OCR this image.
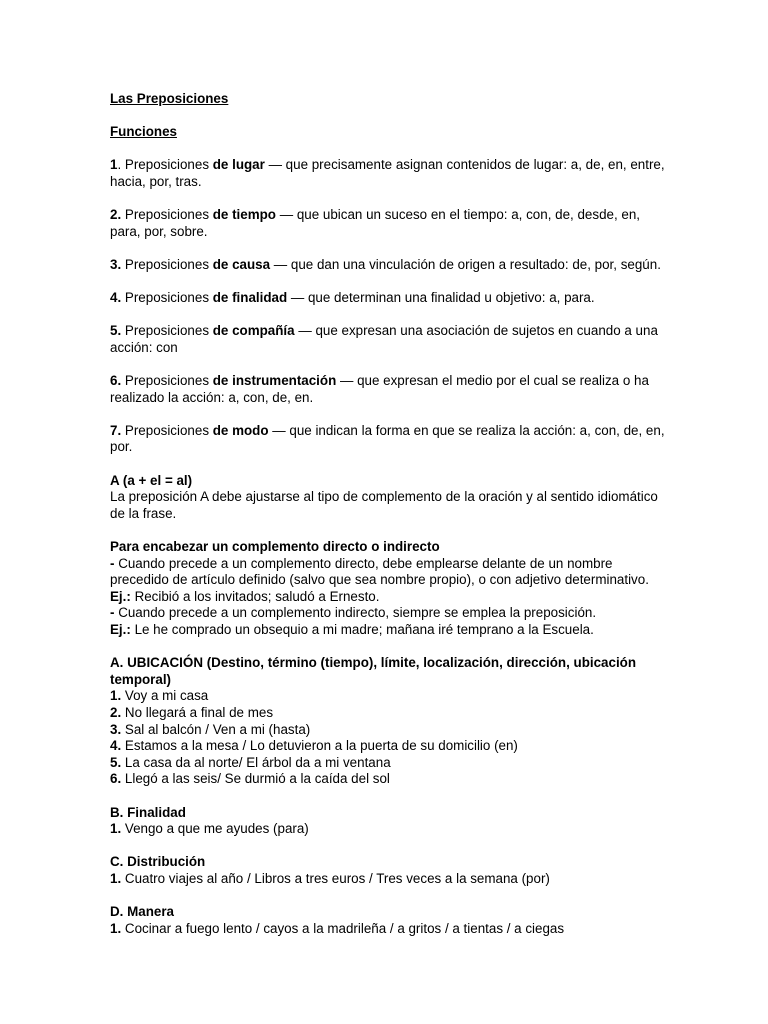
Las Preposiciones

Funciones

1. Preposiciones de lugar — que precisamente asignan contenidos de lugar: a, de, en, entre, hacia, por, tras.

2. Preposiciones de tiempo — que ubican un suceso en el tiempo: a, con, de, desde, en, para, por, sobre.

3. Preposiciones de causa — que dan una vinculación de origen a resultado: de, por, según.

4. Preposiciones de finalidad — que determinan una finalidad u objetivo: a, para.

5. Preposiciones de compañía — que expresan una asociación de sujetos en cuando a una acción: con

6. Preposiciones de instrumentación — que expresan el medio por el cual se realiza o ha realizado la acción: a, con, de, en.

7. Preposiciones de modo — que indican la forma en que se realiza la acción: a, con, de, en, por.

A (a + el = al)

La preposición A debe ajustarse al tipo de complemento de la oración y al sentido idiomático de la frase.

Para encabezar un complemento directo o indirecto

- Cuando precede a un complemento directo, debe emplearse delante de un nombre precedido de artículo definido (salvo que sea nombre propio), o con adjetivo determinativo. Ej.: Recibió a los invitados; saludó a Ernesto.

- Cuando precede a un complemento indirecto, siempre se emplea la preposición.

Ej.: Le he comprado un obsequio a mi madre; mañana iré temprano a la Escuela.

A. UBICACIÓN (Destino, término (tiempo), límite, localización, dirección, ubicación temporal)

1. Voy a mi casa

2. No llegará a final de mes

3. Sal al balcón / Ven a mi (hasta)

4. Estamos a la mesa / Lo detuvieron a la puerta de su domicilio (en)

5. La casa da al norte/ El árbol da a mi ventana

6. Llegó a las seis/ Se durmió a la caída del sol

B. Finalidad

1. Vengo a que me ayudes (para)

C. Distribución

1. Cuatro viajes al año / Libros a tres euros / Tres veces a la semana (por)

D. Manera

1. Cocinar a fuego lento / cayos a la madrileña / a gritos / a tientas / a ciegas
